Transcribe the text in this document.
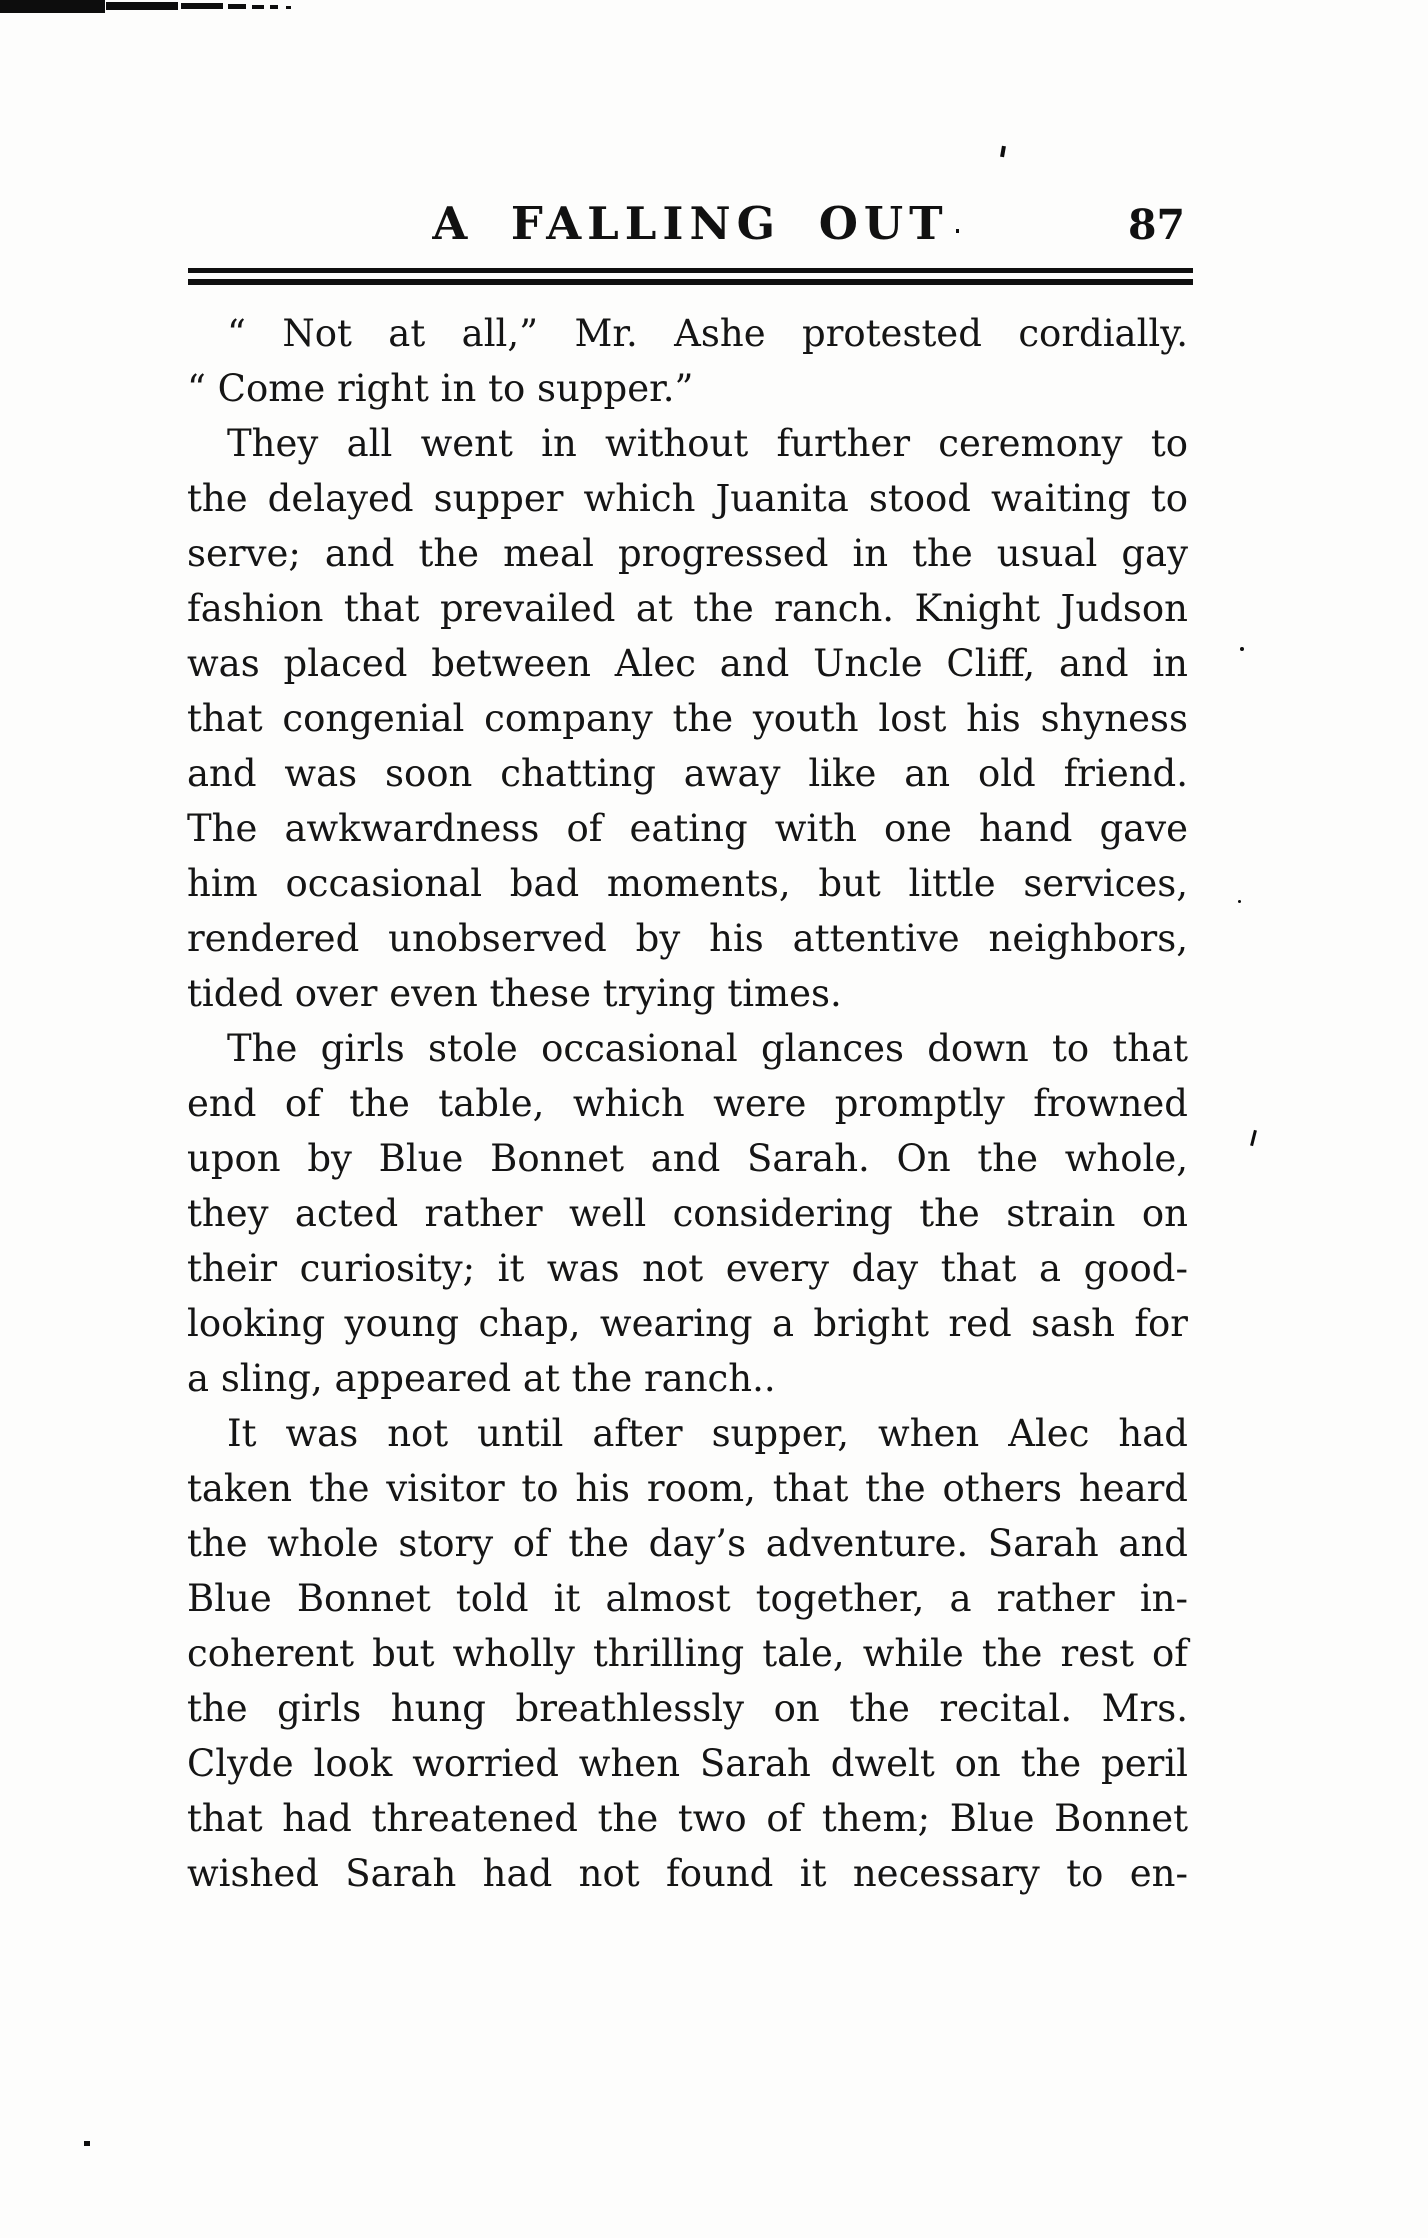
A FALLING OUT	87
“ Not at all,” Mr. Ashe protested cordially.
“ Come right in to supper.”
They all went in without further ceremony to
the delayed supper which Juanita stood waiting to
serve; and the meal progressed in the usual gay
fashion that prevailed at the ranch. Knight Judson
was placed between Alec and Uncle Cliff, and in
that congenial company the youth lost his shyness
and was soon chatting away like an old friend.
The awkwardness of eating with one hand gave
him occasional bad moments, but little services,
rendered unobserved by his attentive neighbors,
tided over even these trying times.
The girls stole occasional glances down to that
end of the table, which were promptly frowned
upon by Blue Bonnet and Sarah. On the whole,
they acted rather well considering the strain on
their curiosity; it was not every day that a good-
looking young chap, wearing a bright red sash for
a sling, appeared at the ranch..
It was not until after supper, when Alec had
taken the visitor to his room, that the others heard
the whole story of the day’s adventure. Sarah and
Blue Bonnet told it almost together, a rather in-
coherent but wholly thrilling tale, while the rest of
the girls hung breathlessly on the recital. Mrs.
Clyde look worried when Sarah dwelt on the peril
that had threatened the two of them; Blue Bonnet
wished Sarah had not found it necessary to en-
